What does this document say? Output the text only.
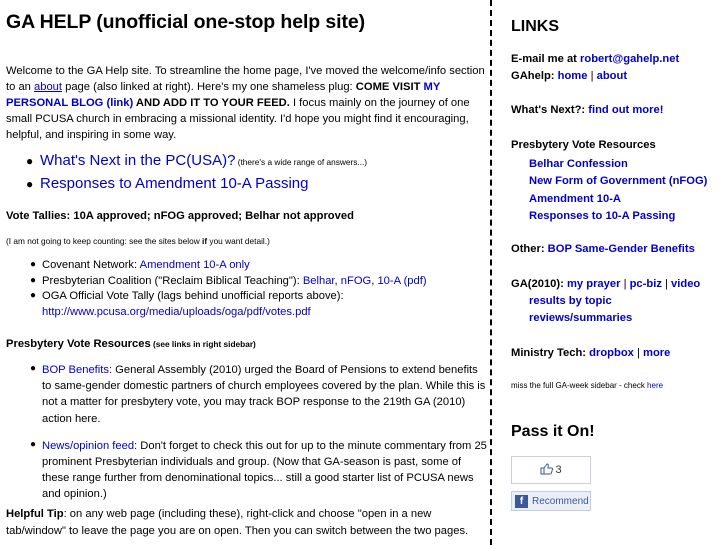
GA HELP (unofficial one-stop help site)

Welcome to the GA Help site. To streamline the home page, I've moved the welcome/info section to an about page (also linked at right). Here's my one shameless plug: COME VISIT MY PERSONAL BLOG (link) AND ADD IT TO YOUR FEED. I focus mainly on the journey of one small PCUSA church in embracing a missional identity. I'd hope you might find it encouraging, helpful, and inspiring in some way.

● What's Next in the PC(USA)? (there's a wide range of answers...)
● Responses to Amendment 10-A Passing
Vote Tallies: 10A approved; nFOG approved; Belhar not approved
(I am not going to keep counting: see the sites below if you want detail.)
● Covenant Network: Amendment 10-A only
● Presbyterian Coalition ("Reclaim Biblical Teaching"): Belhar, nFOG, 10-A (pdf)
● OGA Official Vote Tally (lags behind unofficial reports above):
http://www.pcusa.org/media/uploads/oga/pdf/votes.pdf
Presbytery Vote Resources (see links in right sidebar)
● BOP Benefits: General Assembly (2010) urged the Board of Pensions to extend benefits to same-gender domestic partners of church employees covered by the plan. While this is not a matter for presbytery vote, you may track BOP response to the 219th GA (2010) action here.
● News/opinion feed: Don't forget to check this out for up to the minute commentary from 25 prominent Presbyterian individuals and group. (Now that GA-season is past, some of these range further from denominational topics... still a good starter list of PCUSA news and opinion.)
Helpful Tip: on any web page (including these), right-click and choose "open in a new tab/window" to leave the page you are on open. Then you can switch between the two pages.
LINKS
E-mail me at robert@gahelp.net
GAhelp: home | about
What's Next?: find out more!
Presbytery Vote Resources
Belhar Confession
New Form of Government (nFOG)
Amendment 10-A
Responses to 10-A Passing
Other: BOP Same-Gender Benefits
GA(2010): my prayer | pc-biz | video
results by topic
reviews/summaries
Ministry Tech: dropbox | more
miss the full GA-week sidebar - check here
Pass it On!
3
f Recommend
